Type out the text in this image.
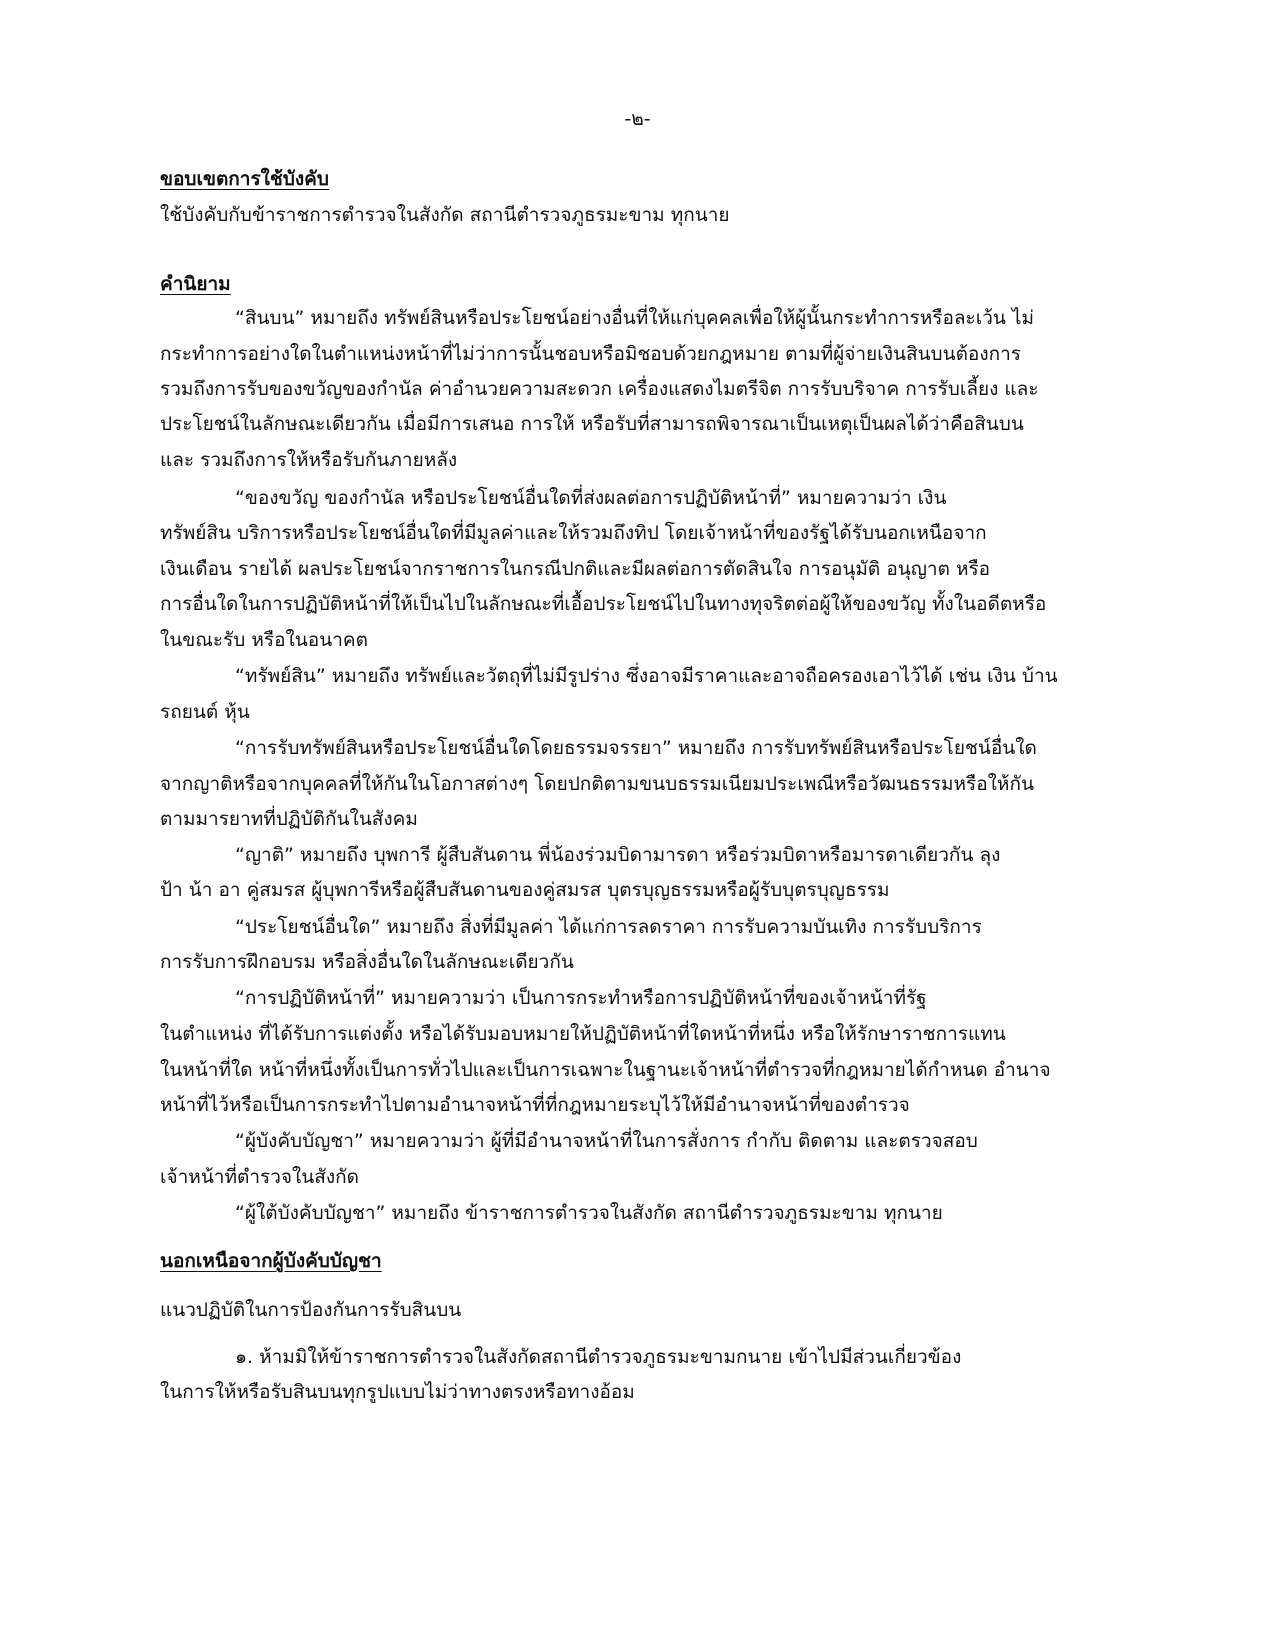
-๒-

ขอบเขตการใช้บังคับ

ใช้บังคับกับข้าราชการตำรวจในสังกัด สถานีตำรวจภูธรมะขาม ทุกนาย

คำนิยาม

“สินบน” หมายถึง ทรัพย์สินหรือประโยชน์อย่างอื่นที่ให้แก่บุคคลเพื่อให้ผู้นั้นกระทำการหรือละเว้น ไม่

กระทำการอย่างใดในตำแหน่งหน้าที่ไม่ว่าการนั้นชอบหรือมิชอบด้วยกฎหมาย ตามที่ผู้จ่ายเงินสินบนต้องการ

รวมถึงการรับของขวัญของกำนัล ค่าอำนวยความสะดวก เครื่องแสดงไมตรีจิต การรับบริจาค การรับเลี้ยง และ

ประโยชน์ในลักษณะเดียวกัน เมื่อมีการเสนอ การให้ หรือรับที่สามารถพิจารณาเป็นเหตุเป็นผลได้ว่าคือสินบน

และ รวมถึงการให้หรือรับกันภายหลัง

“ของขวัญ ของกำนัล หรือประโยชน์อื่นใดที่ส่งผลต่อการปฏิบัติหน้าที่” หมายความว่า เงิน

ทรัพย์สิน บริการหรือประโยชน์อื่นใดที่มีมูลค่าและให้รวมถึงทิป โดยเจ้าหน้าที่ของรัฐได้รับนอกเหนือจาก

เงินเดือน รายได้ ผลประโยชน์จากราชการในกรณีปกติและมีผลต่อการตัดสินใจ การอนุมัติ อนุญาต หรือ

การอื่นใดในการปฏิบัติหน้าที่ให้เป็นไปในลักษณะที่เอื้อประโยชน์ไปในทางทุจริตต่อผู้ให้ของขวัญ ทั้งในอดีตหรือ

ในขณะรับ หรือในอนาคต

“ทรัพย์สิน” หมายถึง ทรัพย์และวัตถุที่ไม่มีรูปร่าง ซึ่งอาจมีราคาและอาจถือครองเอาไว้ได้ เช่น เงิน บ้าน

รถยนต์ หุ้น

“การรับทรัพย์สินหรือประโยชน์อื่นใดโดยธรรมจรรยา” หมายถึง การรับทรัพย์สินหรือประโยชน์อื่นใด

จากญาติหรือจากบุคคลที่ให้กันในโอกาสต่างๆ โดยปกติตามขนบธรรมเนียมประเพณีหรือวัฒนธรรมหรือให้กัน

ตามมารยาทที่ปฏิบัติกันในสังคม

“ญาติ” หมายถึง บุพการี ผู้สืบสันดาน พี่น้องร่วมบิดามารดา หรือร่วมบิดาหรือมารดาเดียวกัน ลุง

ป้า น้า อา คู่สมรส ผู้บุพการีหรือผู้สืบสันดานของคู่สมรส บุตรบุญธรรมหรือผู้รับบุตรบุญธรรม

“ประโยชน์อื่นใด” หมายถึง สิ่งที่มีมูลค่า ได้แก่การลดราคา การรับความบันเทิง การรับบริการ

การรับการฝึกอบรม หรือสิ่งอื่นใดในลักษณะเดียวกัน

“การปฏิบัติหน้าที่” หมายความว่า เป็นการกระทำหรือการปฏิบัติหน้าที่ของเจ้าหน้าที่รัฐ

ในตำแหน่ง ที่ได้รับการแต่งตั้ง หรือได้รับมอบหมายให้ปฏิบัติหน้าที่ใดหน้าที่หนึ่ง หรือให้รักษาราชการแทน

ในหน้าที่ใด หน้าที่หนึ่งทั้งเป็นการทั่วไปและเป็นการเฉพาะในฐานะเจ้าหน้าที่ตำรวจที่กฎหมายได้กำหนด อำนาจ

หน้าที่ไว้หรือเป็นการกระทำไปตามอำนาจหน้าที่ที่กฎหมายระบุไว้ให้มีอำนาจหน้าที่ของตำรวจ

“ผู้บังคับบัญชา” หมายความว่า ผู้ที่มีอำนาจหน้าที่ในการสั่งการ กำกับ ติดตาม และตรวจสอบ

เจ้าหน้าที่ตำรวจในสังกัด

“ผู้ใต้บังคับบัญชา” หมายถึง ข้าราชการตำรวจในสังกัด สถานีตำรวจภูธรมะขาม ทุกนาย

นอกเหนือจากผู้บังคับบัญชา

แนวปฏิบัติในการป้องกันการรับสินบน

๑. ห้ามมิให้ข้าราชการตำรวจในสังกัดสถานีตำรวจภูธรมะขามกนาย เข้าไปมีส่วนเกี่ยวข้อง

ในการให้หรือรับสินบนทุกรูปแบบไม่ว่าทางตรงหรือทางอ้อม
